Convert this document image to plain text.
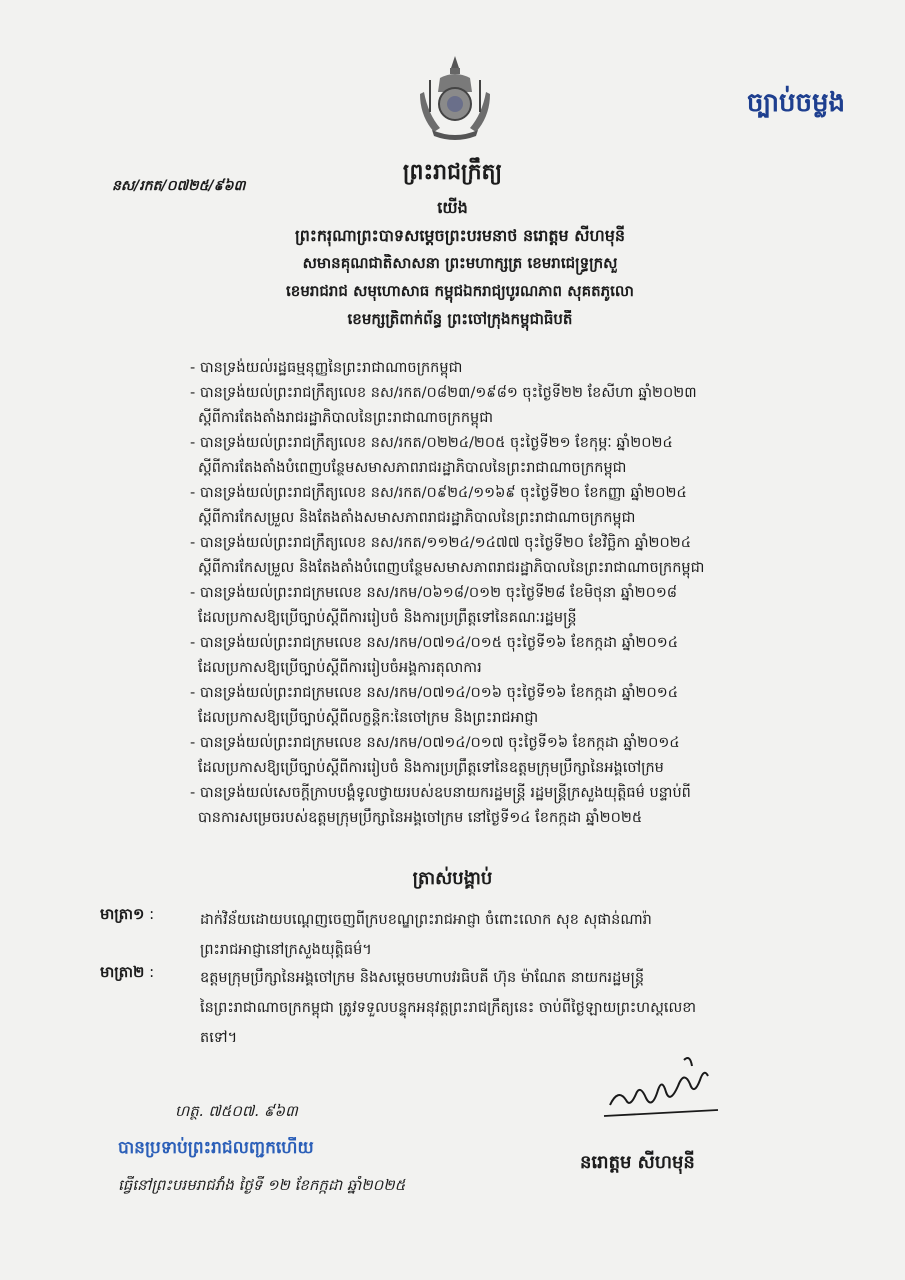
ច្បាប់ចម្លង
ព្រះរាជក្រឹត្យ
នស/រកត/០៧២៥/៩៦៣
យើង
ព្រះករុណាព្រះបាទសម្តេចព្រះបរមនាថ នរោត្តម សីហមុនី
សមានគុណជាតិសាសនា ព្រះមហាក្សត្រ ខេមរាជេទ្ធ្រក្រសួ
ខេមរាជរាជ សមុហោសាធ កម្ពុជឯករាជ្យបូរណភាព សុគតភូលោ
ខេមក្សត្រិពាក់ព័ន្ធ ព្រះចៅក្រុងកម្ពុជាធិបតី
- បានទ្រង់យល់រដ្ឋធម្មនុញ្ញនៃព្រះរាជាណាចក្រកម្ពុជា
- បានទ្រង់យល់ព្រះរាជក្រឹត្យលេខ នស/រកត/០៨២៣/១៩៨១ ចុះថ្ងៃទី២២ ខែសីហា ឆ្នាំ២០២៣
ស្តីពីការតែងតាំងរាជរដ្ឋាភិបាលនៃព្រះរាជាណាចក្រកម្ពុជា
- បានទ្រង់យល់ព្រះរាជក្រឹត្យលេខ នស/រកត/០២២៤/២០៥ ចុះថ្ងៃទី២១ ខែកុម្ភៈ ឆ្នាំ២០២៤
ស្តីពីការតែងតាំងបំពេញបន្ថែមសមាសភាពរាជរដ្ឋាភិបាលនៃព្រះរាជាណាចក្រកម្ពុជា
- បានទ្រង់យល់ព្រះរាជក្រឹត្យលេខ នស/រកត/០៩២៤/១១៦៩ ចុះថ្ងៃទី២០ ខែកញ្ញា ឆ្នាំ២០២៤
ស្តីពីការកែសម្រួល និងតែងតាំងសមាសភាពរាជរដ្ឋាភិបាលនៃព្រះរាជាណាចក្រកម្ពុជា
- បានទ្រង់យល់ព្រះរាជក្រឹត្យលេខ នស/រកត/១១២៤/១៤៧៧ ចុះថ្ងៃទី២០ ខែវិច្ឆិកា ឆ្នាំ២០២៤
ស្តីពីការកែសម្រួល និងតែងតាំងបំពេញបន្ថែមសមាសភាពរាជរដ្ឋាភិបាលនៃព្រះរាជាណាចក្រកម្ពុជា
- បានទ្រង់យល់ព្រះរាជក្រមលេខ នស/រកម/០៦១៨/០១២ ចុះថ្ងៃទី២៨ ខែមិថុនា ឆ្នាំ២០១៨
ដែលប្រកាសឱ្យប្រើច្បាប់ស្តីពីការរៀបចំ និងការប្រព្រឹត្តទៅនៃគណៈរដ្ឋមន្ត្រី
- បានទ្រង់យល់ព្រះរាជក្រមលេខ នស/រកម/០៧១៤/០១៥ ចុះថ្ងៃទី១៦ ខែកក្កដា ឆ្នាំ២០១៤
ដែលប្រកាសឱ្យប្រើច្បាប់ស្តីពីការរៀបចំអង្គការតុលាការ
- បានទ្រង់យល់ព្រះរាជក្រមលេខ នស/រកម/០៧១៤/០១៦ ចុះថ្ងៃទី១៦ ខែកក្កដា ឆ្នាំ២០១៤
ដែលប្រកាសឱ្យប្រើច្បាប់ស្តីពីលក្ខន្តិកៈនៃចៅក្រម និងព្រះរាជអាជ្ញា
- បានទ្រង់យល់ព្រះរាជក្រមលេខ នស/រកម/០៧១៤/០១៧ ចុះថ្ងៃទី១៦ ខែកក្កដា ឆ្នាំ២០១៤
ដែលប្រកាសឱ្យប្រើច្បាប់ស្តីពីការរៀបចំ និងការប្រព្រឹត្តទៅនៃឧត្តមក្រុមប្រឹក្សានៃអង្គចៅក្រម
- បានទ្រង់យល់សេចក្តីក្រាបបង្គំទូលថ្វាយរបស់ឧបនាយករដ្ឋមន្ត្រី រដ្ឋមន្ត្រីក្រសួងយុត្តិធម៌ បន្ទាប់ពី
បានការសម្រេចរបស់ឧត្តមក្រុមប្រឹក្សានៃអង្គចៅក្រម នៅថ្ងៃទី១៤ ខែកក្កដា ឆ្នាំ២០២៥
ត្រាស់បង្គាប់
មាត្រា១ :	ដាក់វិន័យដោយបណ្តេញចេញពីក្របខណ្ឌព្រះរាជអាជ្ញា ចំពោះលោក សុខ សុផាន់ណារ៉ា
ព្រះរាជអាជ្ញានៅក្រសួងយុត្តិធម៌។
មាត្រា២ :	ឧត្តមក្រុមប្រឹក្សានៃអង្គចៅក្រម និងសម្តេចមហាបវរធិបតី ហ៊ុន ម៉ាណែត នាយករដ្ឋមន្ត្រី
នៃព្រះរាជាណាចក្រកម្ពុជា ត្រូវទទួលបន្ទុកអនុវត្តព្រះរាជក្រឹត្យនេះ ចាប់ពីថ្ងៃឡាយព្រះហស្តលេខា
តទៅ។
ហត្ថ. ៧៥០៧. ៩៦៣
បានប្រទាប់ព្រះរាជលញ្ជកហើយ
ធ្វើនៅព្រះបរមរាជវាំង ថ្ងៃទី ១២ ខែកក្កដា ឆ្នាំ២០២៥
នរោត្តម សីហមុនី
